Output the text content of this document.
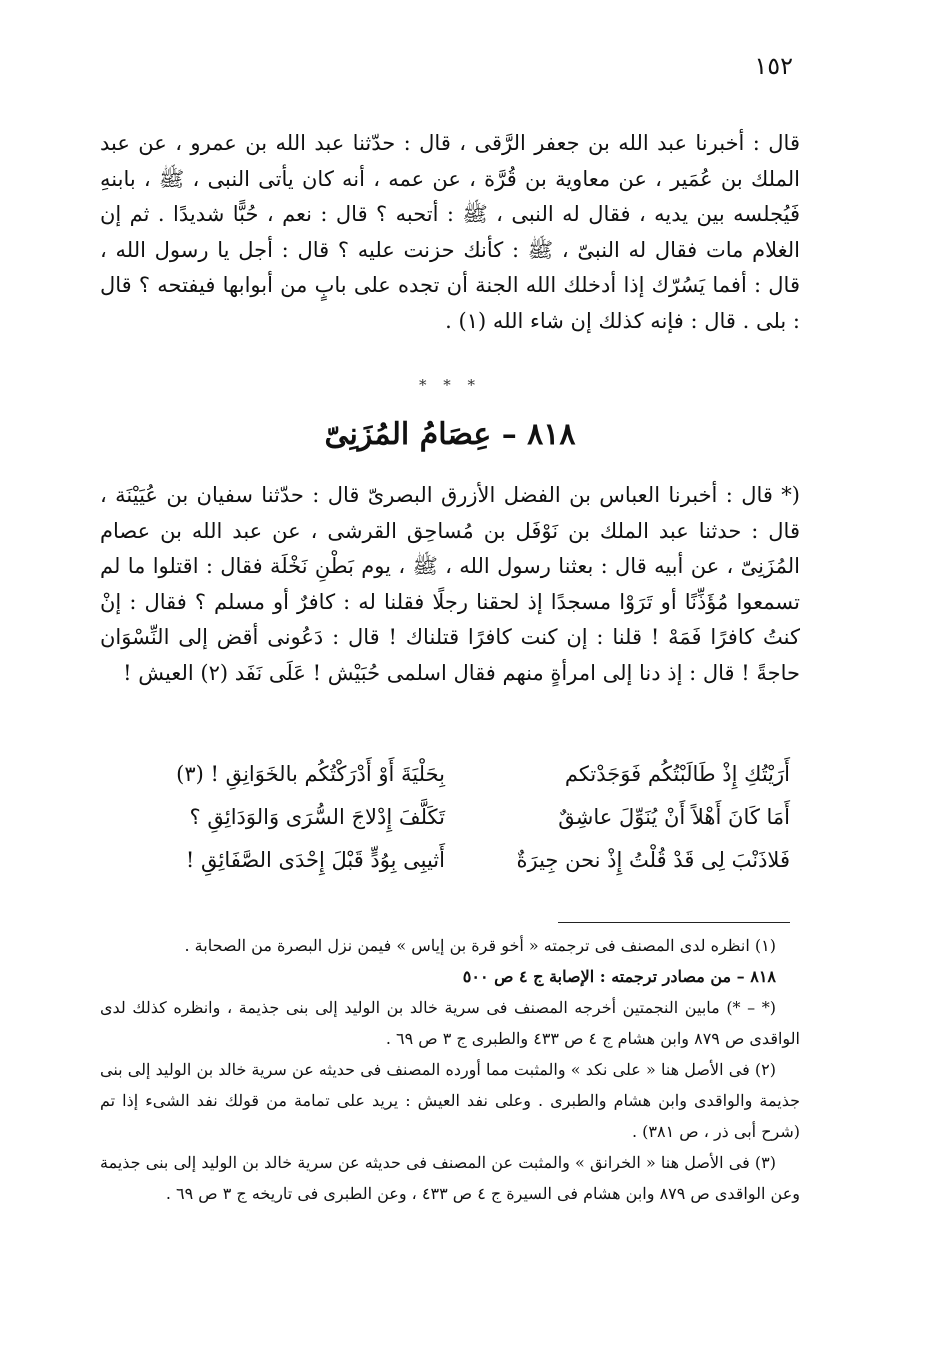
١٥٢

قال : أخبرنا عبد الله بن جعفر الرَّقى ، قال : حدّثنا عبد الله بن عمرو ، عن عبد الملك بن عُمَير ، عن معاوية بن قُرَّة ، عن عمه ، أنه كان يأتى النبى ، ﷺ ، بابنهِ فَيُجلسه بين يديه ، فقال له النبى ، ﷺ : أتحبه ؟ قال : نعم ، حُبًّا شديدًا . ثم إن الغلام مات فقال له النبىّ ، ﷺ : كأنك حزنت عليه ؟ قال : أجل يا رسول الله ، قال : أفما يَسُرّك إذا أدخلك الله الجنة أن تجده على بابٍ من أبوابها فيفتحه ؟ قال : بلى . قال : فإنه كذلك إن شاء الله (١) .

* * *
٨١٨ – عِصَامُ المُزَنِىّ

(* قال : أخبرنا العباس بن الفضل الأزرق البصرىّ قال : حدّثنا سفيان بن عُيَيْنَة ، قال : حدثنا عبد الملك بن نَوْفَل بن مُساحِق القرشى ، عن عبد الله بن عصام المُزَنِىّ ، عن أبيه قال : بعثنا رسول الله ، ﷺ ، يوم بَطْنِ نَخْلَة فقال : اقتلوا ما لم تسمعوا مُؤَذِّنًا أو تَرَوْا مسجدًا إذ لحقنا رجلًا فقلنا له : كافرٌ أو مسلم ؟ فقال : إنْ كنتُ كافرًا فَمَهْ ! قلنا : إن كنت كافرًا قتلناك ! قال : دَعُونى أقض إلى النِّسْوَان حاجةً ! قال : إذ دنا إلى امرأةٍ منهم فقال اسلمى حُبَيْش ! عَلَى نَفَد (٢) العيش !

أَرَيْتُكِ إِذْ طَالَبْتُكُم فَوَجَدْتكم
بِحَلْيَةَ أَوْ أَدْرَكْتُكُم بالخَوَانِقِ ! (٣)
أَمَا كَانَ أَهْلاً أَنْ يُنَوِّلَ عاشِقٌ
تَكَلَّفَ إِدْلاجَ السُّرَى وَالوَدَائِقِ ؟
فَلاذَنْبَ لِى قَدْ قُلْتُ إِذْ نحن جِيرَةٌ
أَثيبِى بِوُدٍّ قَبْلَ إِحْدَى الصَّفَائِقِ !

(١) انظره لدى المصنف فى ترجمته « أخو قرة بن إياس » فيمن نزل البصرة من الصحابة .

٨١٨ – من مصادر ترجمته : الإصابة ج ٤ ص ٥٠٠

(* – *) مابين النجمتين أخرجه المصنف فى سرية خالد بن الوليد إلى بنى جذيمة ، وانظره كذلك لدى الواقدى ص ٨٧٩ وابن هشام ج ٤ ص ٤٣٣ والطبرى ج ٣ ص ٦٩ .

(٢) فى الأصل هنا « على نكد » والمثبت مما أورده المصنف فى حديثه عن سرية خالد بن الوليد إلى بنى جذيمة والواقدى وابن هشام والطبرى . وعلى نفد العيش : يريد على تمامة من قولك نفد الشىء إذا تم (شرح أبى ذر ، ص ٣٨١) .

(٣) فى الأصل هنا « الخرانق » والمثبت عن المصنف فى حديثه عن سرية خالد بن الوليد إلى بنى جذيمة وعن الواقدى ص ٨٧٩ وابن هشام فى السيرة ج ٤ ص ٤٣٣ ، وعن الطبرى فى تاريخه ج ٣ ص ٦٩ .
